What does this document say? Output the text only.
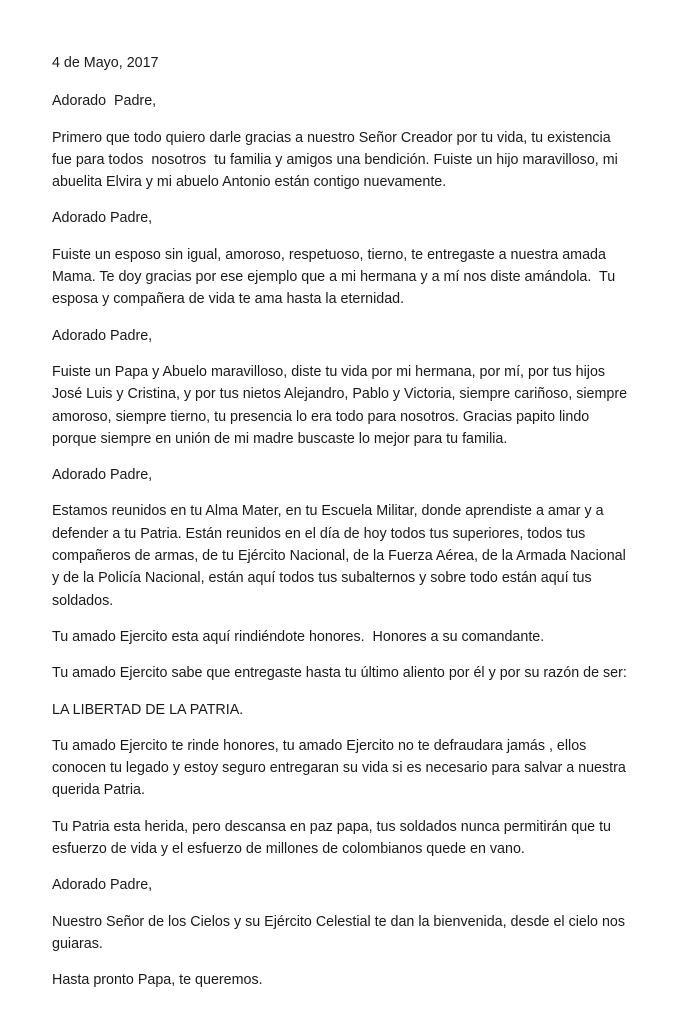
4 de Mayo, 2017
Adorado  Padre,
Primero que todo quiero darle gracias a nuestro Señor Creador por tu vida, tu existencia
fue para todos  nosotros  tu familia y amigos una bendición. Fuiste un hijo maravilloso, mi
abuelita Elvira y mi abuelo Antonio están contigo nuevamente.
Adorado Padre,
Fuiste un esposo sin igual, amoroso, respetuoso, tierno, te entregaste a nuestra amada
Mama. Te doy gracias por ese ejemplo que a mi hermana y a mí nos diste amándola.  Tu
esposa y compañera de vida te ama hasta la eternidad.
Adorado Padre,
Fuiste un Papa y Abuelo maravilloso, diste tu vida por mi hermana, por mí, por tus hijos
José Luis y Cristina, y por tus nietos Alejandro, Pablo y Victoria, siempre cariñoso, siempre
amoroso, siempre tierno, tu presencia lo era todo para nosotros. Gracias papito lindo
porque siempre en unión de mi madre buscaste lo mejor para tu familia.
Adorado Padre,
Estamos reunidos en tu Alma Mater, en tu Escuela Militar, donde aprendiste a amar y a
defender a tu Patria. Están reunidos en el día de hoy todos tus superiores, todos tus
compañeros de armas, de tu Ejército Nacional, de la Fuerza Aérea, de la Armada Nacional
y de la Policía Nacional, están aquí todos tus subalternos y sobre todo están aquí tus
soldados.
Tu amado Ejercito esta aquí rindiéndote honores.  Honores a su comandante.
Tu amado Ejercito sabe que entregaste hasta tu último aliento por él y por su razón de ser:
LA LIBERTAD DE LA PATRIA.
Tu amado Ejercito te rinde honores, tu amado Ejercito no te defraudara jamás , ellos
conocen tu legado y estoy seguro entregaran su vida si es necesario para salvar a nuestra
querida Patria.
Tu Patria esta herida, pero descansa en paz papa, tus soldados nunca permitirán que tu
esfuerzo de vida y el esfuerzo de millones de colombianos quede en vano.
Adorado Padre,
Nuestro Señor de los Cielos y su Ejército Celestial te dan la bienvenida, desde el cielo nos
guiaras.
Hasta pronto Papa, te queremos.
